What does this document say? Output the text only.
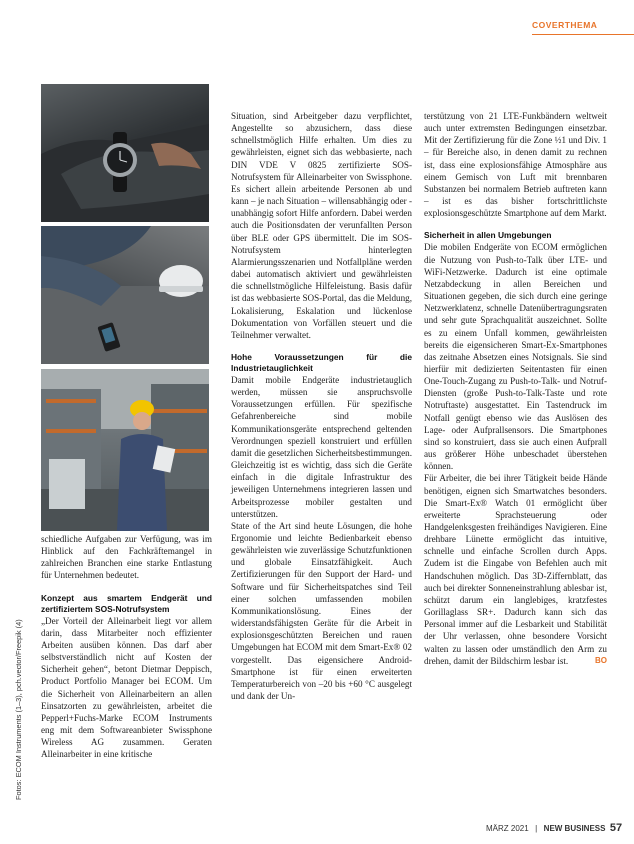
COVERTHEMA

schiedliche Aufgaben zur Verfügung, was im Hinblick auf den Fachkräftemangel in zahlreichen Branchen eine starke Entlastung für Unternehmen bedeutet.

Konzept aus smartem Endgerät und zertifiziertem SOS-Notrufsystem

„Der Vorteil der Alleinarbeit liegt vor allem darin, dass Mitarbeiter noch effizienter Arbeiten ausüben können. Das darf aber selbstverständlich nicht auf Kosten der Sicherheit gehen“, betont Dietmar Deppisch, Product Portfolio Manager bei ECOM. Um die Sicherheit von Alleinarbeitern an allen Einsatzorten zu gewährleisten, arbeitet die Pepperl+Fuchs-Marke ECOM Instruments eng mit dem Softwareanbieter Swissphone Wireless AG zusammen. Geraten Alleinarbeiter in eine kritische

Situation, sind Arbeitgeber dazu verpflichtet, Angestellte so abzusichern, dass diese schnellstmöglich Hilfe erhalten. Um dies zu gewährleisten, eignet sich das webbasierte, nach DIN VDE V 0825 zertifizierte SOS-Notrufsystem für Alleinarbeiter von Swissphone. Es sichert allein arbeitende Personen ab und kann – je nach Situation – willensabhängig oder -unabhängig sofort Hilfe anfordern. Dabei werden auch die Positionsdaten der verunfallten Person über BLE oder GPS übermittelt. Die im SOS-Notrufsystem hinterlegten Alarmierungsszenarien und Notfallpläne werden dabei automatisch aktiviert und gewährleisten die schnellstmögliche Hilfeleistung. Basis dafür ist das webbasierte SOS-Portal, das die Meldung, Lokalisierung, Eskalation und lückenlose Dokumentation von Vorfällen steuert und die Teilnehmer verwaltet.

Hohe Voraussetzungen für die Industrietauglichkeit

Damit mobile Endgeräte industrietauglich werden, müssen sie anspruchsvolle Voraussetzungen erfüllen. Für spezifische Gefahrenbereiche sind mobile Kommunikationsgeräte entsprechend geltenden Verordnungen speziell konstruiert und erfüllen damit die gesetzlichen Sicherheitsbestimmungen. Gleichzeitig ist es wichtig, dass sich die Geräte einfach in die digitale Infrastruktur des jeweiligen Unternehmens integrieren lassen und Arbeitsprozesse mobiler gestalten und unterstützen.

State of the Art sind heute Lösungen, die hohe Ergonomie und leichte Bedienbarkeit ebenso gewährleisten wie zuverlässige Schutzfunktionen und globale Einsatzfähigkeit. Auch Zertifizierungen für den Support der Hard- und Software und für Sicherheitspatches sind Teil einer solchen umfassenden mobilen Kommunikationslösung. Eines der widerstandsfähigsten Geräte für die Arbeit in explosionsgeschützten Bereichen und rauen Umgebungen hat ECOM mit dem Smart-Ex® 02 vorgestellt. Das eigensichere Android-Smartphone ist für einen erweiterten Temperaturbereich von –20 bis +60 °C ausgelegt und dank der Un-

terstützung von 21 LTE-Funkbändern weltweit auch unter extremsten Bedingungen einsetzbar. Mit der Zertifizierung für die Zone ½1 und Div. 1 – für Bereiche also, in denen damit zu rechnen ist, dass eine explosionsfähige Atmosphäre aus einem Gemisch von Luft mit brennbaren Substanzen bei normalem Betrieb auftreten kann – ist es das bisher fortschrittlichste explosionsgeschützte Smartphone auf dem Markt.

Sicherheit in allen Umgebungen

Die mobilen Endgeräte von ECOM ermöglichen die Nutzung von Push-to-Talk über LTE- und WiFi-Netzwerke. Dadurch ist eine optimale Netzabdeckung in allen Bereichen und Situationen gegeben, die sich durch eine geringe Netzwerklatenz, schnelle Datenübertragungsraten und sehr gute Sprachqualität auszeichnet. Sollte es zu einem Unfall kommen, gewährleisten bereits die eigensicheren Smart-Ex-Smartphones das zeitnahe Absetzen eines Notsignals. Sie sind hierfür mit dedizierten Seitentasten für einen One-Touch-Zugang zu Push-to-Talk- und Notruf-Diensten (große Push-to-Talk-Taste und rote Notruftaste) ausgestattet. Ein Tastendruck im Notfall genügt ebenso wie das Auslösen des Lage- oder Aufprallsensors. Die Smartphones sind so konstruiert, dass sie auch einen Aufprall aus größerer Höhe unbeschadet überstehen können.

Für Arbeiter, die bei ihrer Tätigkeit beide Hände benötigen, eignen sich Smartwatches besonders. Die Smart-Ex® Watch 01 ermöglicht über erweiterte Sprachsteuerung oder Handgelenksgesten freihändiges Navigieren. Eine drehbare Lünette ermöglicht das intuitive, schnelle und einfache Scrollen durch Apps. Zudem ist die Eingabe von Befehlen auch mit Handschuhen möglich. Das 3D-Ziffernblatt, das auch bei direkter Sonneneinstrahlung ablesbar ist, schützt darum ein langlebiges, kratzfestes Gorillaglass SR+. Dadurch kann sich das Personal immer auf die Lesbarkeit und Stabilität der Uhr verlassen, ohne besondere Vorsicht walten zu lassen oder umständlich den Arm zu drehen, damit der Bildschirm lesbar ist.	BO

Fotos: ECOM Instruments (1–3), pch.vector/Freepik (4)
MÄRZ 2021 | NEW BUSINESS 57
